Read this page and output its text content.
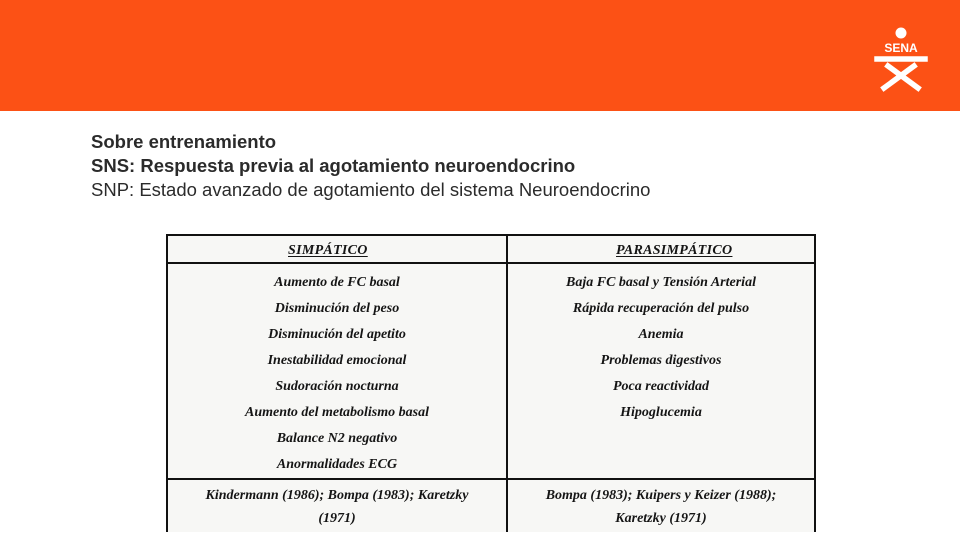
SENA
Sobre entrenamiento
SNS: Respuesta previa al agotamiento neuroendocrino
SNP: Estado avanzado de agotamiento del sistema Neuroendocrino
SIMPÁTICO	PARASIMPÁTICO
Aumento de FC basal
Disminución del peso
Disminución del apetito
Inestabilidad emocional
Sudoración nocturna
Aumento del metabolismo basal
Balance N2 negativo
Anormalidades ECG
Baja FC basal y Tensión Arterial
Rápida recuperación del pulso
Anemia
Problemas digestivos
Poca reactividad
Hipoglucemia
Kindermann (1986); Bompa (1983); Karetzky
(1971)
Bompa (1983); Kuipers y Keizer (1988);
Karetzky (1971)
